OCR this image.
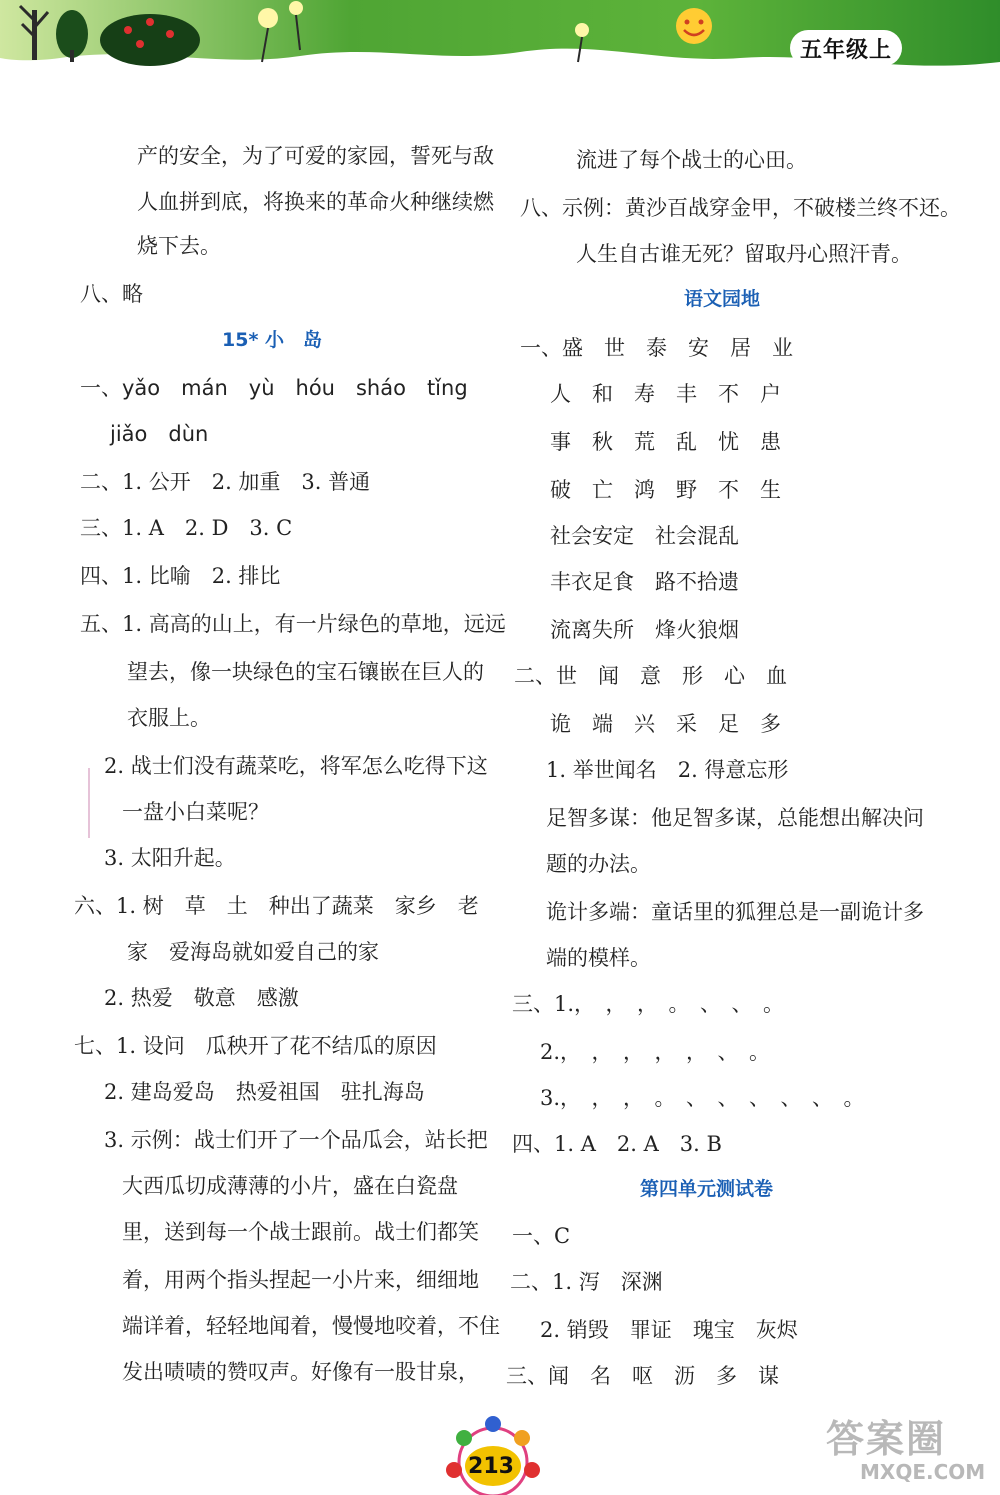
五年级上
产的安全，为了可爱的家园，誓死与敌
人血拼到底，将换来的革命火种继续燃
烧下去。
八、略
15* 小　岛
一、yǎo　mán　yù　hóu　sháo　tǐng
jiǎo　dùn
二、1. 公开　2. 加重　3. 普通
三、1. A　2. D　3. C
四、1. 比喻　2. 排比
五、1. 高高的山上，有一片绿色的草地，远远
望去，像一块绿色的宝石镶嵌在巨人的
衣服上。
2. 战士们没有蔬菜吃，将军怎么吃得下这
一盘小白菜呢？
3. 太阳升起。
六、1. 树　草　土　种出了蔬菜　家乡　老
家　爱海岛就如爱自己的家
2. 热爱　敬意　感激
七、1. 设问　瓜秧开了花不结瓜的原因
2. 建岛爱岛　热爱祖国　驻扎海岛
3. 示例：战士们开了一个品瓜会，站长把
大西瓜切成薄薄的小片，盛在白瓷盘
里，送到每一个战士跟前。战士们都笑
着，用两个指头捏起一小片来，细细地
端详着，轻轻地闻着，慢慢地咬着，不住
发出啧啧的赞叹声。好像有一股甘泉，
流进了每个战士的心田。
八、示例：黄沙百战穿金甲，不破楼兰终不还。
人生自古谁无死？留取丹心照汗青。
语文园地
一、盛　世　泰　安　居　业
人　和　寿　丰　不　户
事　秋　荒　乱　忧　患
破　亡　鸿　野　不　生
社会安定　社会混乱
丰衣足食　路不拾遗
流离失所　烽火狼烟
二、世　闻　意　形　心　血
诡　端　兴　采　足　多
1. 举世闻名　2. 得意忘形
足智多谋：他足智多谋，总能想出解决问
题的办法。
诡计多端：童话里的狐狸总是一副诡计多
端的模样。
三、1.，　，　，　。　、　、　。
2.，　，　，　，　，　、　。
3.，　，　，　。　、　、　、　、　、　。
四、1. A　2. A　3. B
第四单元测试卷
一、C
二、1. 泻　深渊
2. 销毁　罪证　瑰宝　灰烬
三、闻　名　呕　沥　多　谋
213
答案圈
MXQE.COM
